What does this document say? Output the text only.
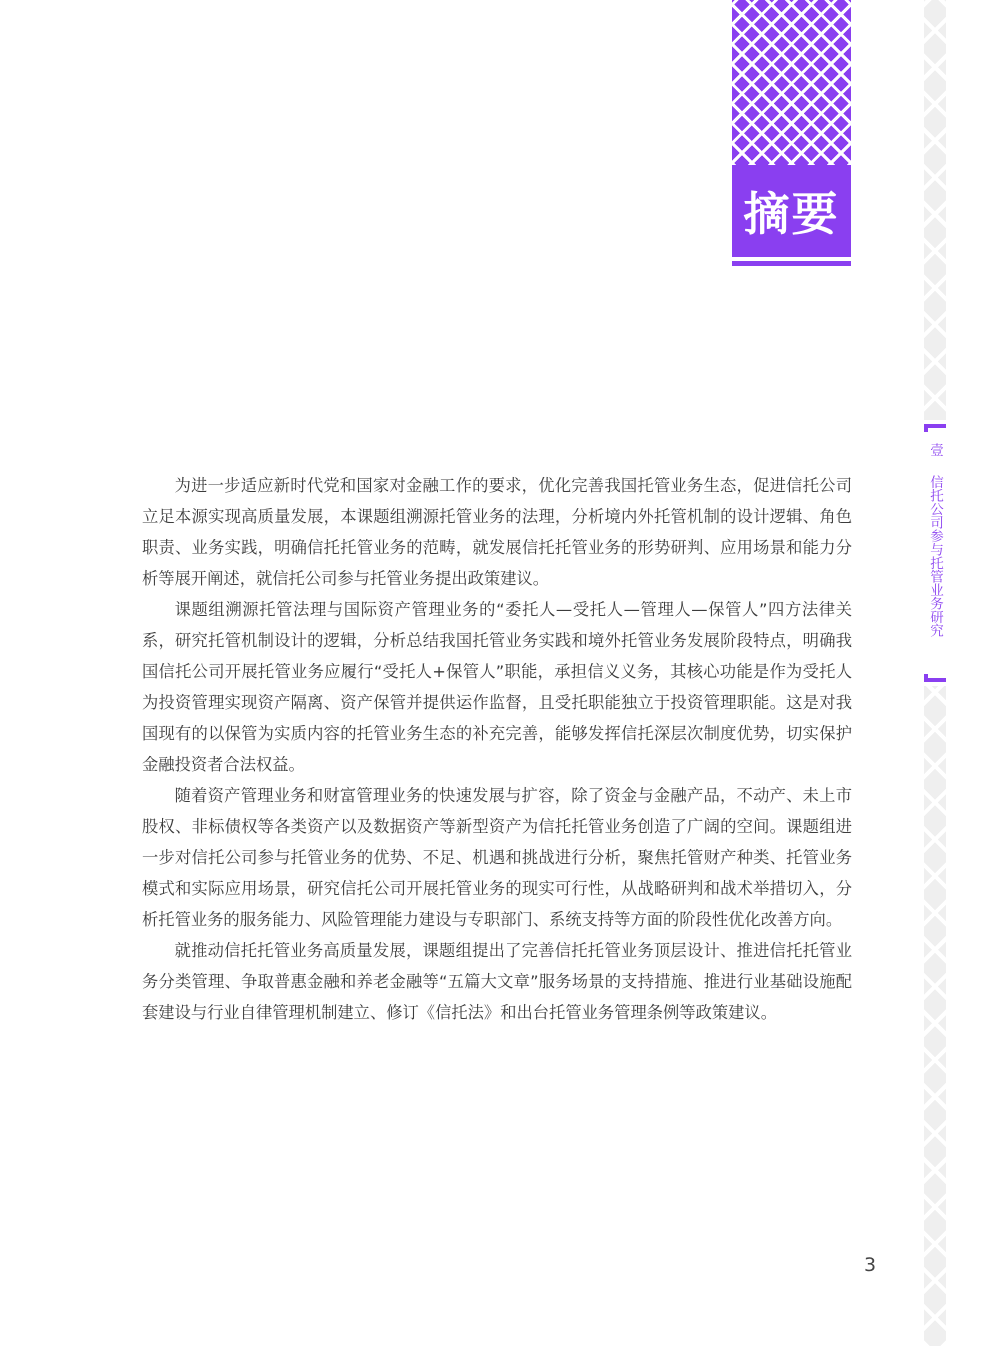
摘要
壹
信托公司参与托管业务研究

为进一步适应新时代党和国家对金融工作的要求，优化完善我国托管业务生态，促进信托公司立足本源实现高质量发展，本课题组溯源托管业务的法理，分析境内外托管机制的设计逻辑、角色职责、业务实践，明确信托托管业务的范畴，就发展信托托管业务的形势研判、应用场景和能力分析等展开阐述，就信托公司参与托管业务提出政策建议。

课题组溯源托管法理与国际资产管理业务的“委托人—受托人—管理人—保管人”四方法律关系，研究托管机制设计的逻辑，分析总结我国托管业务实践和境外托管业务发展阶段特点，明确我国信托公司开展托管业务应履行“受托人+保管人”职能，承担信义义务，其核心功能是作为受托人为投资管理实现资产隔离、资产保管并提供运作监督，且受托职能独立于投资管理职能。这是对我国现有的以保管为实质内容的托管业务生态的补充完善，能够发挥信托深层次制度优势，切实保护金融投资者合法权益。

随着资产管理业务和财富管理业务的快速发展与扩容，除了资金与金融产品，不动产、未上市股权、非标债权等各类资产以及数据资产等新型资产为信托托管业务创造了广阔的空间。课题组进一步对信托公司参与托管业务的优势、不足、机遇和挑战进行分析，聚焦托管财产种类、托管业务模式和实际应用场景，研究信托公司开展托管业务的现实可行性，从战略研判和战术举措切入，分析托管业务的服务能力、风险管理能力建设与专职部门、系统支持等方面的阶段性优化改善方向。

就推动信托托管业务高质量发展，课题组提出了完善信托托管业务顶层设计、推进信托托管业务分类管理、争取普惠金融和养老金融等“五篇大文章”服务场景的支持措施、推进行业基础设施配套建设与行业自律管理机制建立、修订《信托法》和出台托管业务管理条例等政策建议。

3
